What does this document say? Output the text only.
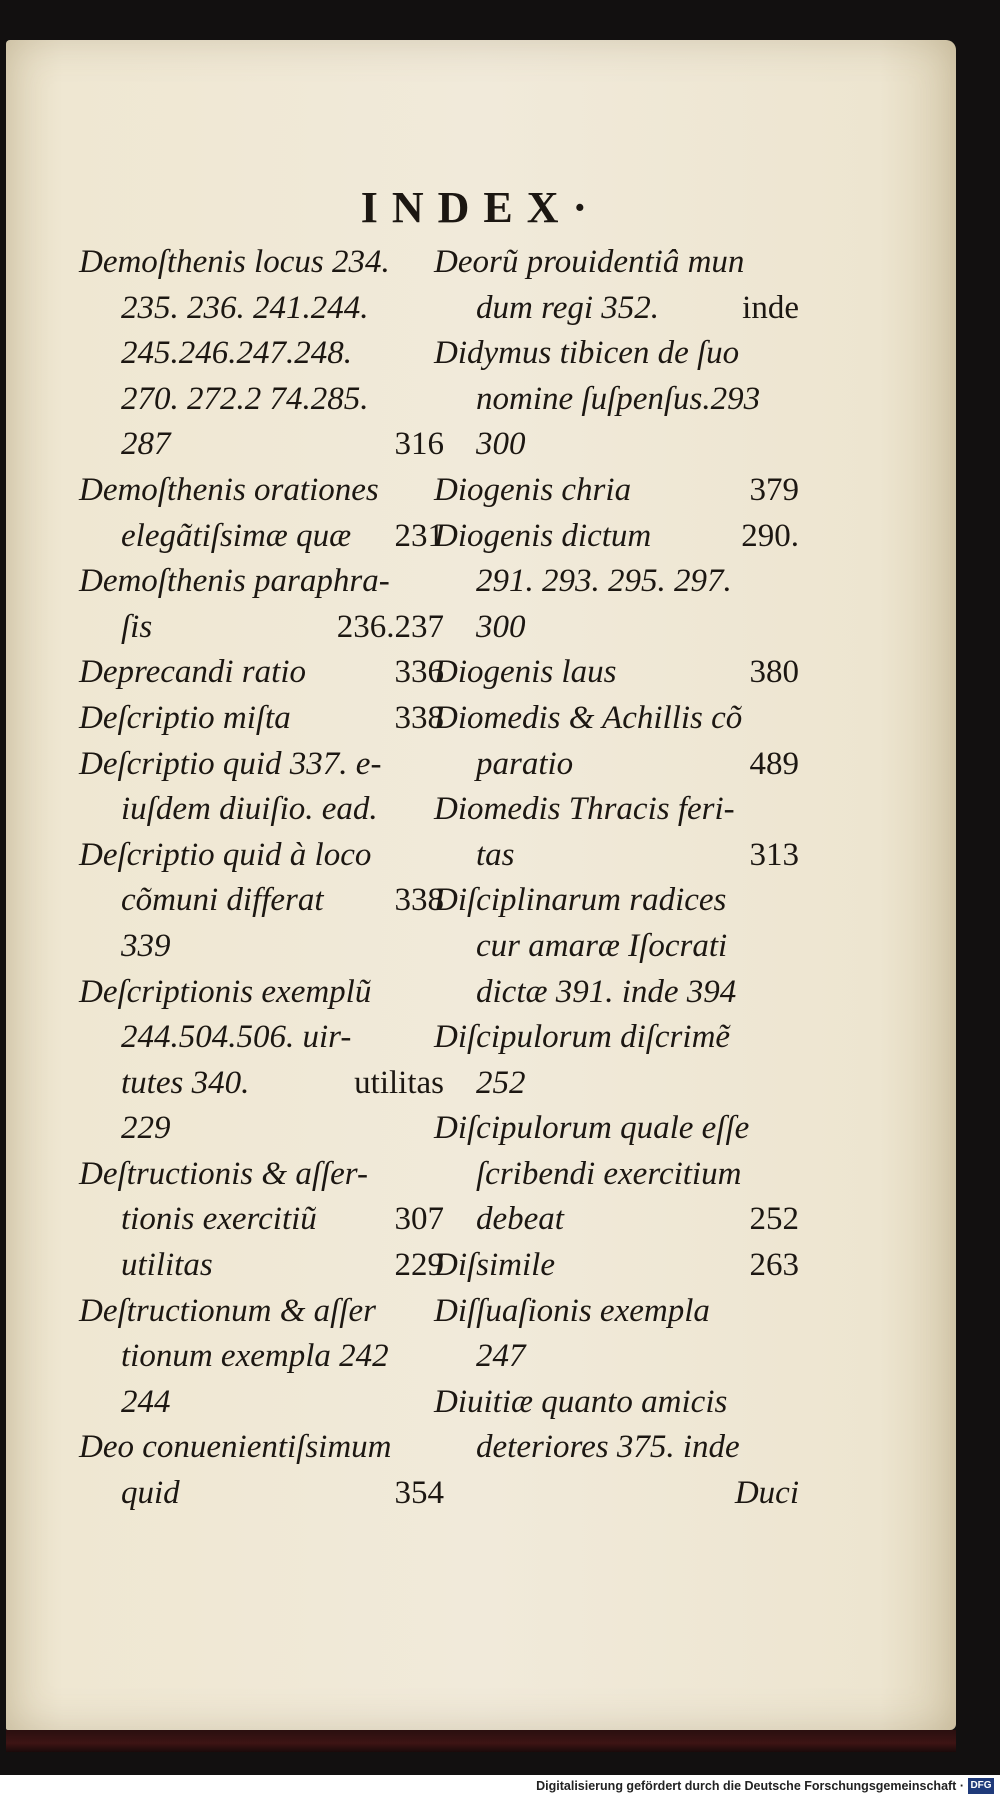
INDEX·
Demoſthenis locus 234.
235. 236. 241.244.
245.246.247.248.
270. 272.2 74.285.
287	316
Demoſthenis orationes
elegãtiſsimæ quæ 231
Demoſthenis paraphra-
ſis	236.237
Deprecandi ratio	336
Deſcriptio miſta	338
Deſcriptio quid 337. e-
iuſdem diuiſio. ead.
Deſcriptio quid à loco
cõmuni differat 338
339
Deſcriptionis exemplũ
244.504.506. uir-
tutes 340.	utilitas
229
Deſtructionis & aſſer-
tionis exercitiũ 307
utilitas	229
Deſtructionum & aſſer
tionum exempla 242
244
Deo conuenientiſsimum
quid	354
Deorũ prouidentiâ mun
dum regi 352.	inde
Didymus tibicen de ſuo
nomine ſuſpenſus.293
300
Diogenis chria	379
Diogenis dictum	290.
291. 293. 295. 297.
300
Diogenis laus	380
Diomedis & Achillis cõ
paratio	489
Diomedis Thracis feri-
tas	313
Diſciplinarum radices
cur amaræ Iſocrati
dictæ 391. inde 394
Diſcipulorum diſcrimẽ
252
Diſcipulorum quale eſſe
ſcribendi exercitium
debeat	252
Diſsimile	263
Diſſuaſionis exempla
247
Diuitiæ quanto amicis
deteriores 375. inde
Duci
Digitalisierung gefördert durch die Deutsche Forschungsgemeinschaft · DFG
